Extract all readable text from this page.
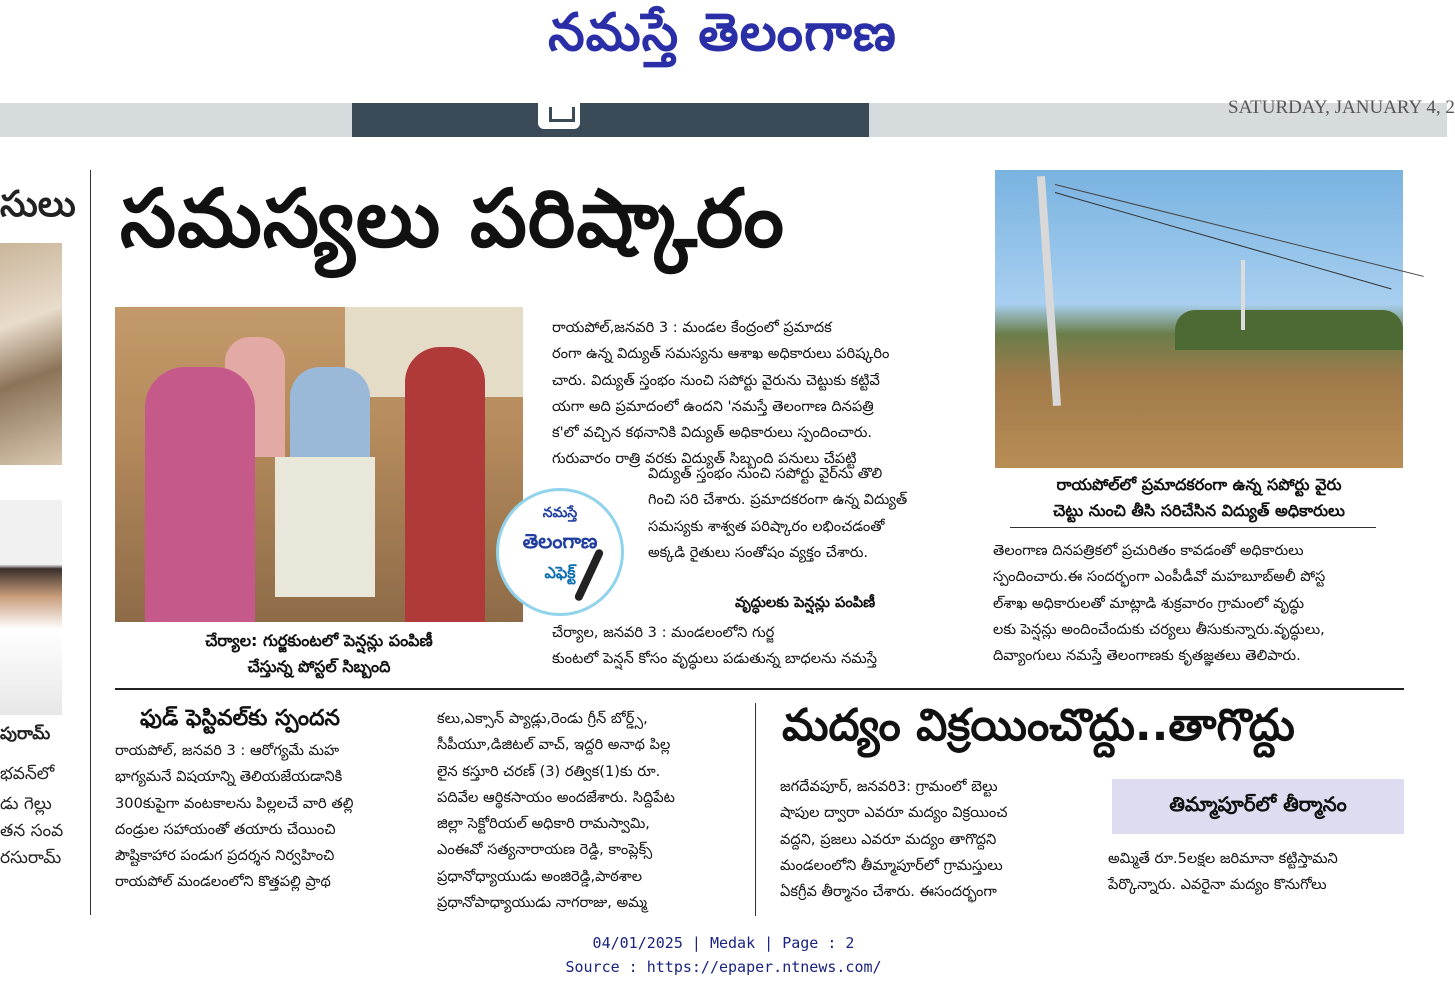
నమస్తే తెలంగాణ
SATURDAY, JANUARY 4, 2
సులు
పురామ్
భవన్‌లో
డు గెల్లు
తన సంవ
రసురామ్
సమస్యలు పరిష్కారం
రాయపోల్‌లో ప్రమాదకరంగా ఉన్న సపోర్టు వైరు
చెట్టు నుంచి తీసి సరిచేసిన విద్యుత్ అధికారులు
చేర్యాల: గుర్జకుంటలో పెన్షన్లు పంపిణీ
చేస్తున్న పోస్టల్ సిబ్బంది
రాయపోల్,జనవరి 3 : మండల కేంద్రంలో ప్రమాదక
రంగా ఉన్న విద్యుత్ సమస్యను ఆశాఖ అధికారులు పరిష్కరిం
చారు. విద్యుత్ స్తంభం నుంచి సపోర్టు వైరును చెట్టుకు కట్టివే
యగా అది ప్రమాదంలో ఉందని 'నమస్తే తెలంగాణ దినపత్రి
క'లో వచ్చిన కథనానికి విద్యుత్ అధికారులు స్పందించారు.
గురువారం రాత్రి వరకు విద్యుత్ సిబ్బంది పనులు చేపట్టి
విద్యుత్ స్తంభం నుంచి సపోర్టు వైర్‌ను తొలి
గించి సరి చేశారు. ప్రమాదకరంగా ఉన్న విద్యుత్
సమస్యకు శాశ్వత పరిష్కారం లభించడంతో
అక్కడి రైతులు సంతోషం వ్యక్తం చేశారు.
వృద్ధులకు పెన్షన్లు పంపిణీ
చేర్యాల, జనవరి 3 : మండలంలోని గుర్జ
కుంటలో పెన్షన్ కోసం వృద్ధులు పడుతున్న బాధలను నమస్తే
నమస్తే
తెలంగాణ
ఎఫెక్ట్
తెలంగాణ దినపత్రికలో ప్రచురితం కావడంతో అధికారులు
స్పందించారు.ఈ సందర్భంగా ఎంపీడీవో మహబూబ్‌అలీ పోస్ట
ల్‌శాఖ అధికారులతో మాట్లాడి శుక్రవారం గ్రామంలో వృద్ధు
లకు పెన్షన్లు అందించేందుకు చర్యలు తీసుకున్నారు.వృద్ధులు,
దివ్యాంగులు నమస్తే తెలంగాణకు కృతజ్ఞతలు తెలిపారు.
ఫుడ్ ఫెస్టివల్‌కు స్పందన
రాయపోల్, జనవరి 3 : ఆరోగ్యమే మహ
భాగ్యమనే విషయాన్ని తెలియజేయడానికి
300కుపైగా వంటకాలను పిల్లలచే వారి తల్లి
దండ్రుల సహాయంతో తయారు చేయించి
పౌష్టికాహార పండుగ ప్రదర్శన నిర్వహించి
రాయపోల్ మండలంలోని కొత్తపల్లి ప్రాథ
కలు,ఎక్సాన్ ప్యాడ్లు,రెండు గ్రీన్ బోర్డ్స్,
సీపీయూ,డిజిటల్ వాచ్, ఇద్దరి అనాథ పిల్ల
లైన కస్తూరి చరణ్ (3) రత్విక(1)కు రూ.
పదివేల ఆర్థికసాయం అందజేశారు. సిద్దిపేట
జిల్లా సెక్టోరియల్ అధికారి రామస్వామి,
ఎంఈవో సత్యనారాయణ రెడ్డి, కాంప్లెక్స్
ప్రధానోధ్యాయుడు అంజిరెడ్డి,పాఠశాల
ప్రధానోపాధ్యాయుడు నాగరాజు, అమ్మ
మద్యం విక్రయించొద్దు..తాగొద్దు
జగదేవపూర్, జనవరి3: గ్రామంలో బెల్టు
షాపుల ద్వారా ఎవరూ మద్యం విక్రయించ
వద్దని, ప్రజలు ఎవరూ మద్యం తాగొద్దని
మండలంలోని తీమ్మాపూర్‌లో గ్రామస్తులు
ఏకగ్రీవ తీర్మానం చేశారు. ఈసందర్భంగా
తిమ్మాపూర్‌లో తీర్మానం
అమ్మితే రూ.5లక్షల జరిమానా కట్టిస్తామని
పేర్కొన్నారు. ఎవరైనా మద్యం కొనుగోలు
04/01/2025 | Medak | Page : 2
Source : https://epaper.ntnews.com/
